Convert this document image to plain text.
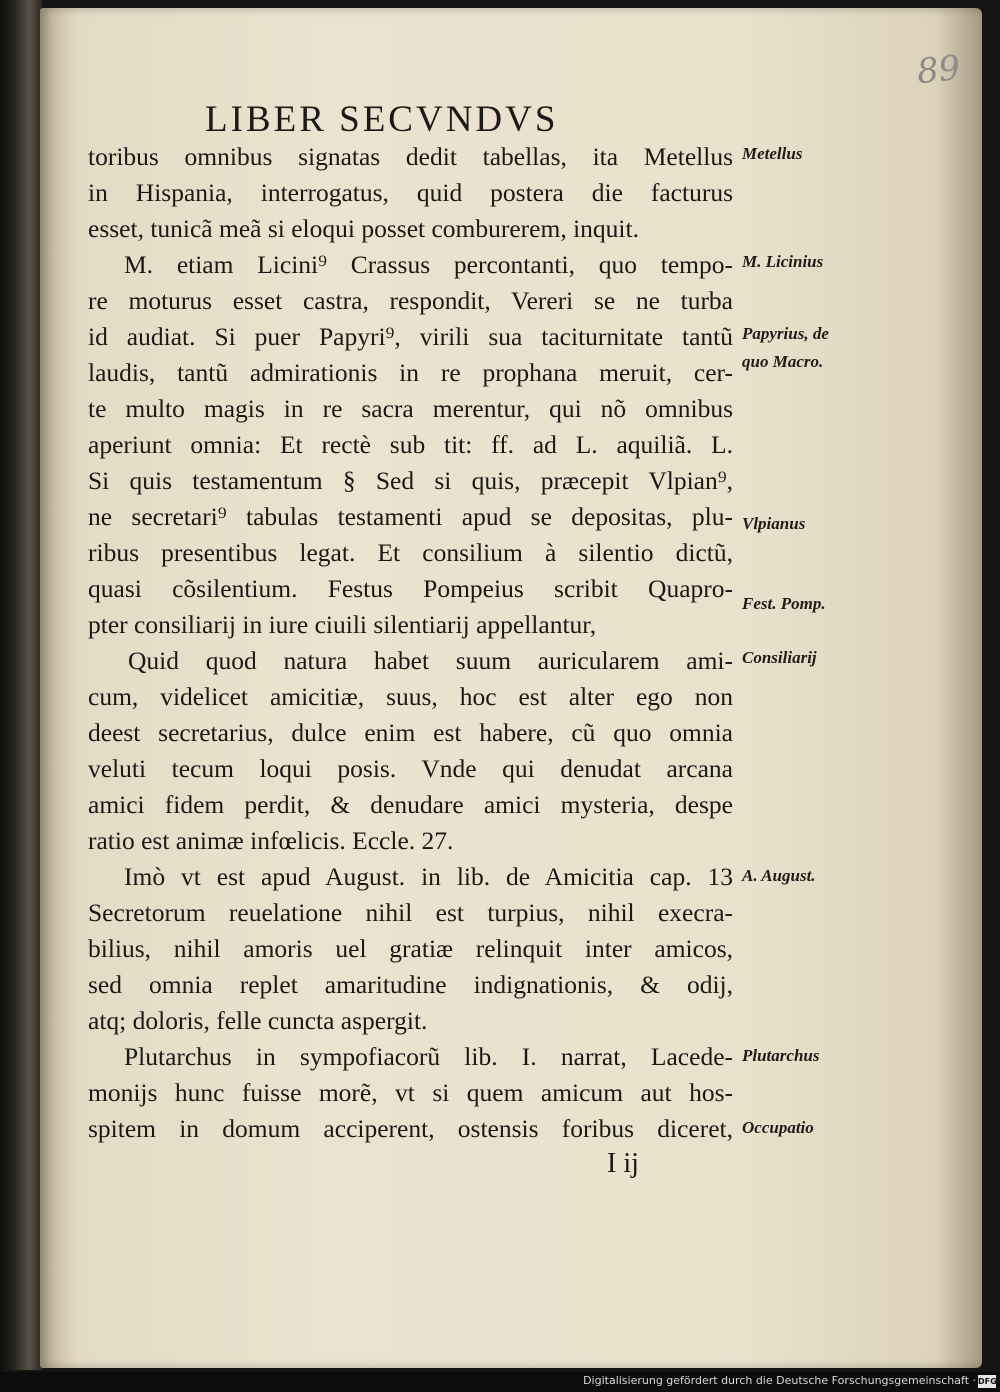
89
LIBER SECVNDVS
toribus omnibus signatas dedit tabellas, ita Metellus
in Hispania, interrogatus, quid postera die facturus
esset, tunicã meã si eloqui posset comburerem, inquit.
M. etiam Licini⁹ Crassus percontanti, quo tempo-
re moturus esset castra, respondit, Vereri se ne turba
id audiat. Si puer Papyri⁹, virili sua taciturnitate tantũ
laudis, tantũ admirationis in re prophana meruit, cer-
te multo magis in re sacra merentur, qui nõ omnibus
aperiunt omnia: Et rectè sub tit: ff. ad L. aquiliã. L.
Si quis testamentum § Sed si quis, præcepit Vlpian⁹,
ne secretari⁹ tabulas testamenti apud se depositas, plu-
ribus presentibus legat. Et consilium à silentio dictũ,
quasi cõsilentium. Festus Pompeius scribit Quapro-
pter consiliarij in iure ciuili silentiarij appellantur,
Quid quod natura habet suum auricularem ami-
cum, videlicet amicitiæ, suus, hoc est alter ego non
deest secretarius, dulce enim est habere, cũ quo omnia
veluti tecum loqui posis. Vnde qui denudat arcana
amici fidem perdit, & denudare amici mysteria, despe
ratio est animæ infœlicis. Eccle. 27.
Imò vt est apud August. in lib. de Amicitia cap. 13
Secretorum reuelatione nihil est turpius, nihil execra-
bilius, nihil amoris uel gratiæ relinquit inter amicos,
sed omnia replet amaritudine indignationis, & odij,
atq; doloris, felle cuncta aspergit.
Plutarchus in sympofiacorũ lib. I. narrat, Lacede-
monijs hunc fuisse morẽ, vt si quem amicum aut hos-
spitem in domum acciperent, ostensis foribus diceret,
Metellus
M. Licinius
Papyrius, de
quo Macro.
Vlpianus
Fest. Pomp.
Consiliarij
A. August.
Plutarchus
Occupatio
I ij
Digitalisierung gefördert durch die Deutsche Forschungsgemeinschaft · DFG
